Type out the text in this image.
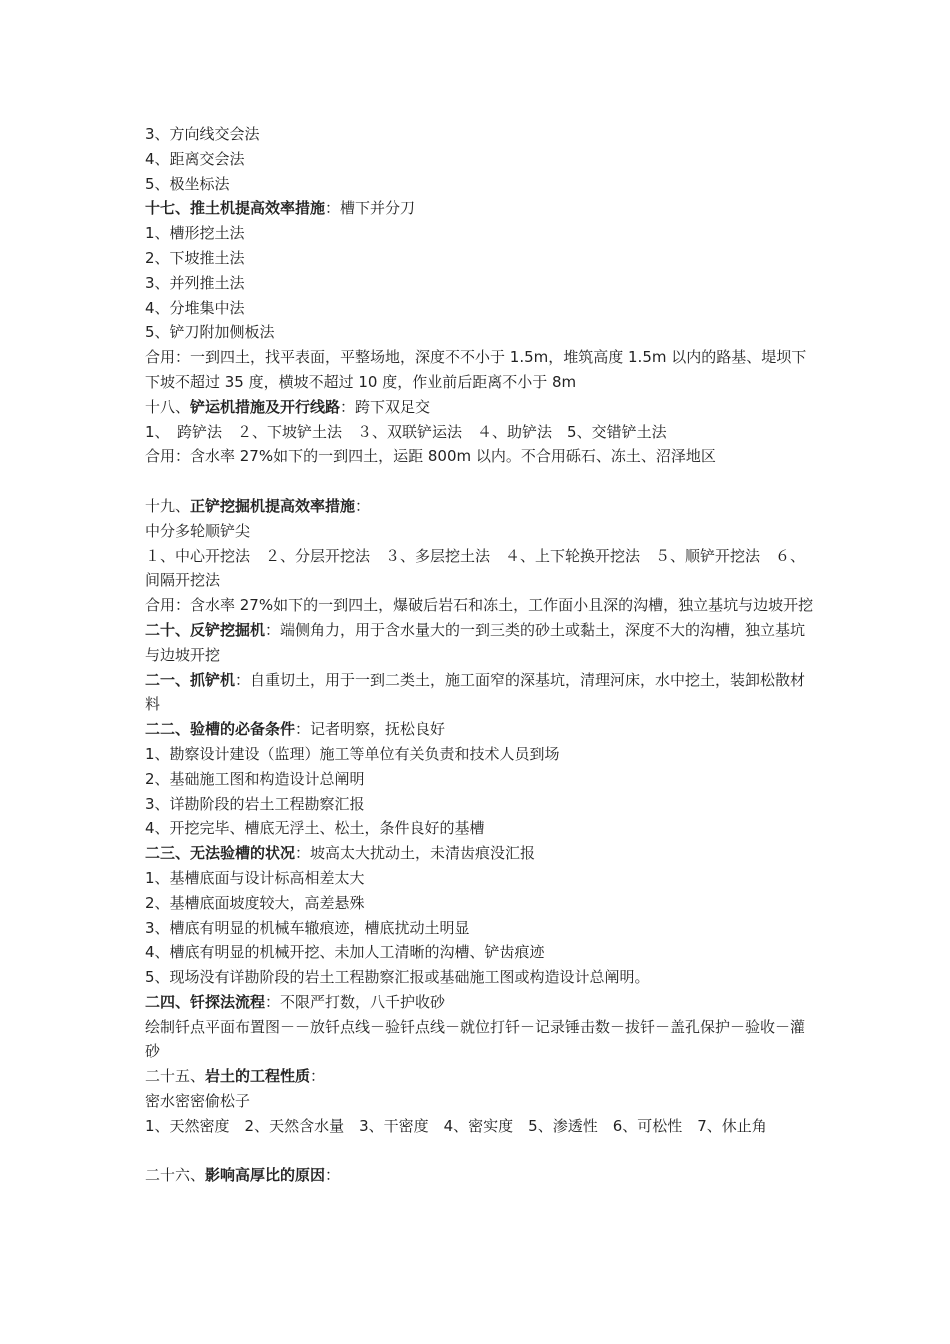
3、方向线交会法
4、距离交会法
5、极坐标法
十七、推土机提高效率措施：槽下并分刀
1、槽形挖土法
2、下坡推土法
3、并列推土法
4、分堆集中法
5、铲刀附加侧板法
合用：一到四土，找平表面，平整场地，深度不不小于 1.5m，堆筑高度 1.5m 以内的路基、堤坝下下坡不超过 35 度，横坡不超过 10 度，作业前后距离不小于 8m
十八、铲运机措施及开行线路：跨下双足交
1、　跨铲法　２、下坡铲土法　３、双联铲运法　４、助铲法　5、交错铲土法
合用：含水率 27%如下的一到四土，运距 800m 以内。不合用砾石、冻土、沼泽地区
十九、正铲挖掘机提高效率措施：
中分多轮顺铲尖
１、中心开挖法　２、分层开挖法　３、多层挖土法　４、上下轮换开挖法　５、顺铲开挖法　６、间隔开挖法
合用：含水率 27%如下的一到四土，爆破后岩石和冻土，工作面小且深的沟槽，独立基坑与边坡开挖
二十、反铲挖掘机：端侧角力，用于含水量大的一到三类的砂土或黏土，深度不大的沟槽，独立基坑与边坡开挖
二一、抓铲机：自重切土，用于一到二类土，施工面窄的深基坑，清理河床，水中挖土，装卸松散材料
二二、验槽的必备条件：记者明察，抚松良好
1、勘察设计建设（监理）施工等单位有关负责和技术人员到场
2、基础施工图和构造设计总阐明
3、详勘阶段的岩土工程勘察汇报
4、开挖完毕、槽底无浮土、松土，条件良好的基槽
二三、无法验槽的状况：坡高太大扰动土，未清齿痕没汇报
1、基槽底面与设计标高相差太大
2、基槽底面坡度较大，高差悬殊
3、槽底有明显的机械车辙痕迹，槽底扰动土明显
4、槽底有明显的机械开挖、未加人工清晰的沟槽、铲齿痕迹
5、现场没有详勘阶段的岩土工程勘察汇报或基础施工图或构造设计总阐明。
二四、钎探法流程：不限严打数，八千护收砂
绘制钎点平面布置图－－放钎点线－验钎点线－就位打钎－记录锤击数－拔钎－盖孔保护－验收－灌砂
二十五、岩土的工程性质：
密水密密偷松子
1、天然密度　2、天然含水量　3、干密度　4、密实度　5、渗透性　6、可松性　7、休止角
二十六、影响高厚比的原因：
